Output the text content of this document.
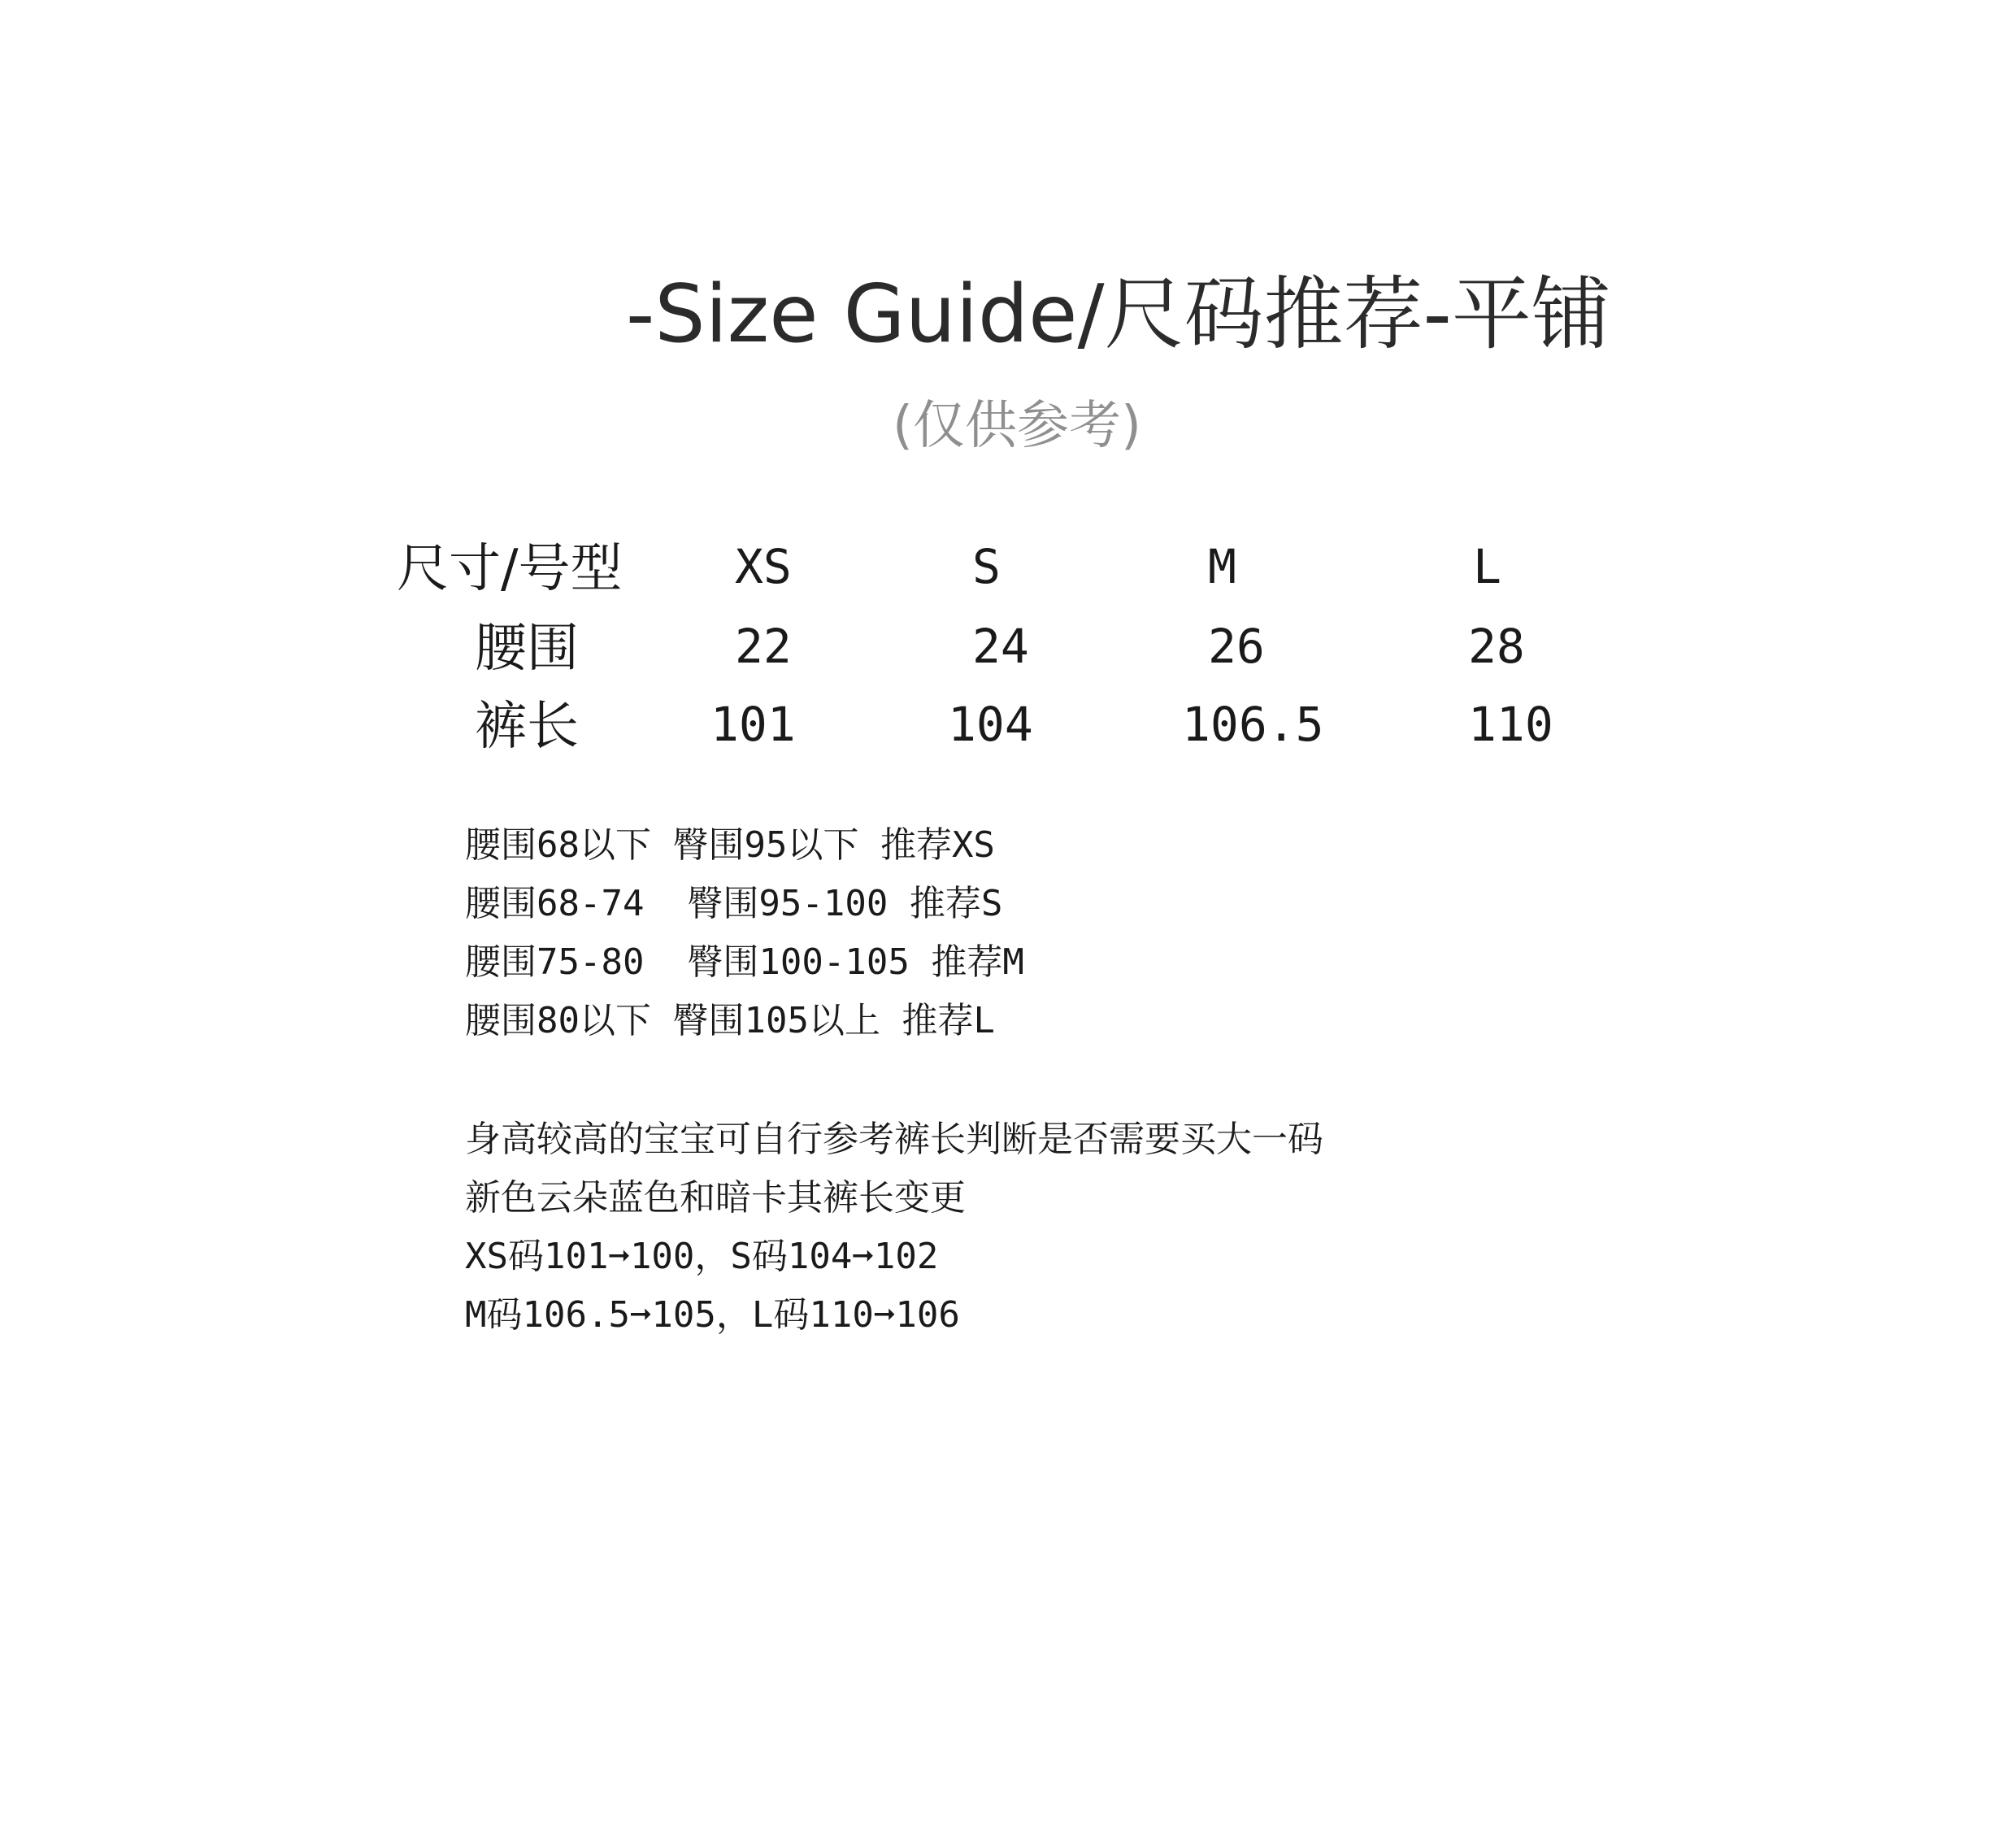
-Size Guide/尺码推荐-平铺
(仅供参考)
尺寸/号型 XS	S	M	L
腰围	22	24	26	28
裤长	101	104	106.5	110

腰围68以下 臀围95以下 推荐XS

腰围68-74  臀围95-100 推荐S

腰围75-80  臀围100-105 推荐M

腰围80以下 臀围105以上 推荐L

身高较高的宝宝可自行参考裤长判断是否需要买大一码

新色云朵蓝色和暗卡其裤长变更

XS码101➞100，S码104➞102

M码106.5➞105，L码110➞106
